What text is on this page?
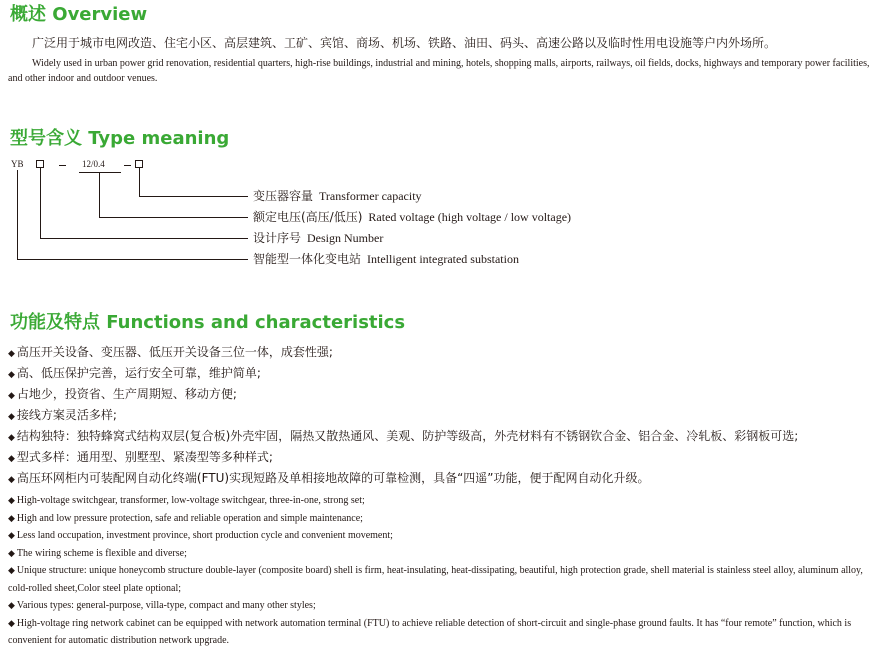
概述 Overview
广泛用于城市电网改造、住宅小区、高层建筑、工矿、宾馆、商场、机场、铁路、油田、码头、高速公路以及临时性用电设施等户内外场所。
Widely used in urban power grid renovation, residential quarters, high-rise buildings, industrial and mining, hotels, shopping malls, airports, railways, oil fields, docks, highways and temporary power facilities, and other indoor and outdoor venues.
型号含义 Type meaning
YB	12/0.4
变压器容量 Transformer capacity
额定电压(高压/低压) Rated voltage (high voltage / low voltage)
设计序号 Design Number
智能型一体化变电站 Intelligent integrated substation
功能及特点 Functions and characteristics
◆ 高压开关设备、变压器、低压开关设备三位一体，成套性强;
◆ 高、低压保护完善，运行安全可靠，维护简单;
◆ 占地少，投资省、生产周期短、移动方便;
◆ 接线方案灵活多样;
◆ 结构独特：独特蜂窝式结构双层(复合板)外壳牢固，隔热又散热通风、美观、防护等级高，外壳材料有不锈钢钦合金、铝合金、冷轧板、彩钢板可选;
◆ 型式多样：通用型、别墅型、紧凑型等多种样式;
◆ 高压环网柜内可装配网自动化终端(FTU)实现短路及单相接地故障的可靠检测，具备“四遥”功能，便于配网自动化升级。
◆ High-voltage switchgear, transformer, low-voltage switchgear, three-in-one, strong set;
◆ High and low pressure protection, safe and reliable operation and simple maintenance;
◆ Less land occupation, investment province, short production cycle and convenient movement;
◆ The wiring scheme is flexible and diverse;
◆ Unique structure: unique honeycomb structure double-layer (composite board) shell is firm, heat-insulating, heat-dissipating, beautiful, high protection grade, shell material is stainless steel alloy, aluminum alloy, cold-rolled sheet,Color steel plate optional;
◆ Various types: general-purpose, villa-type, compact and many other styles;
◆ High-voltage ring network cabinet can be equipped with network automation terminal (FTU) to achieve reliable detection of short-circuit and single-phase ground faults. It has “four remote” function, which is convenient for automatic distribution network upgrade.
